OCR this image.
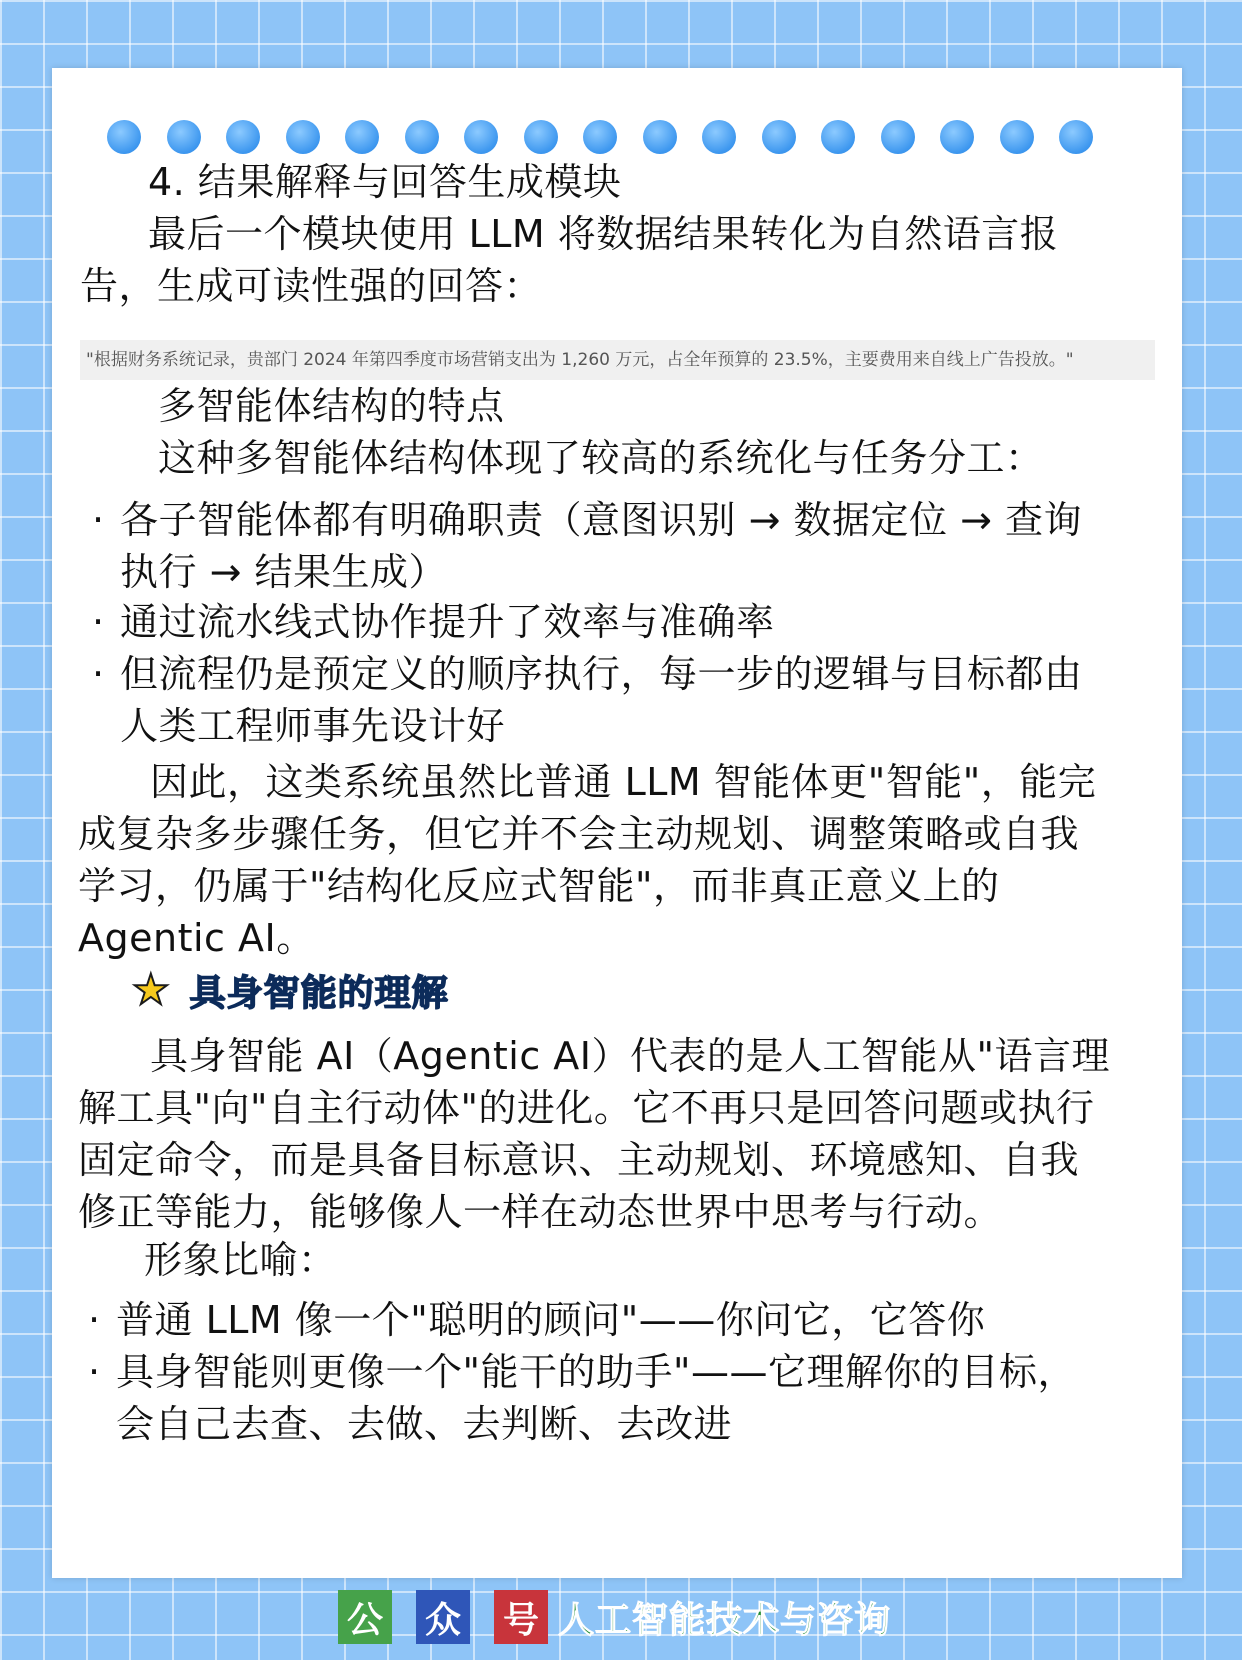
4. 结果解释与回答生成模块
最后一个模块使用 LLM 将数据结果转化为自然语言报
告，生成可读性强的回答：
"根据财务系统记录，贵部门 2024 年第四季度市场营销支出为 1,260 万元，占全年预算的 23.5%，主要费用来自线上广告投放。"
多智能体结构的特点
这种多智能体结构体现了较高的系统化与任务分工：
· 各子智能体都有明确职责（意图识别 → 数据定位 → 查询
执行 → 结果生成）
· 通过流水线式协作提升了效率与准确率
· 但流程仍是预定义的顺序执行，每一步的逻辑与目标都由
人类工程师事先设计好
因此，这类系统虽然比普通 LLM 智能体更"智能"，能完
成复杂多步骤任务，但它并不会主动规划、调整策略或自我
学习，仍属于"结构化反应式智能"，而非真正意义上的
Agentic AI。
★ 具身智能的理解
具身智能 AI（Agentic AI）代表的是人工智能从"语言理
解工具"向"自主行动体"的进化。它不再只是回答问题或执行
固定命令，而是具备目标意识、主动规划、环境感知、自我
修正等能力，能够像人一样在动态世界中思考与行动。
形象比喻：
· 普通 LLM 像一个"聪明的顾问"——你问它，它答你
· 具身智能则更像一个"能干的助手"——它理解你的目标，
会自己去查、去做、去判断、去改进
公 众 号 人工智能技术与咨询
